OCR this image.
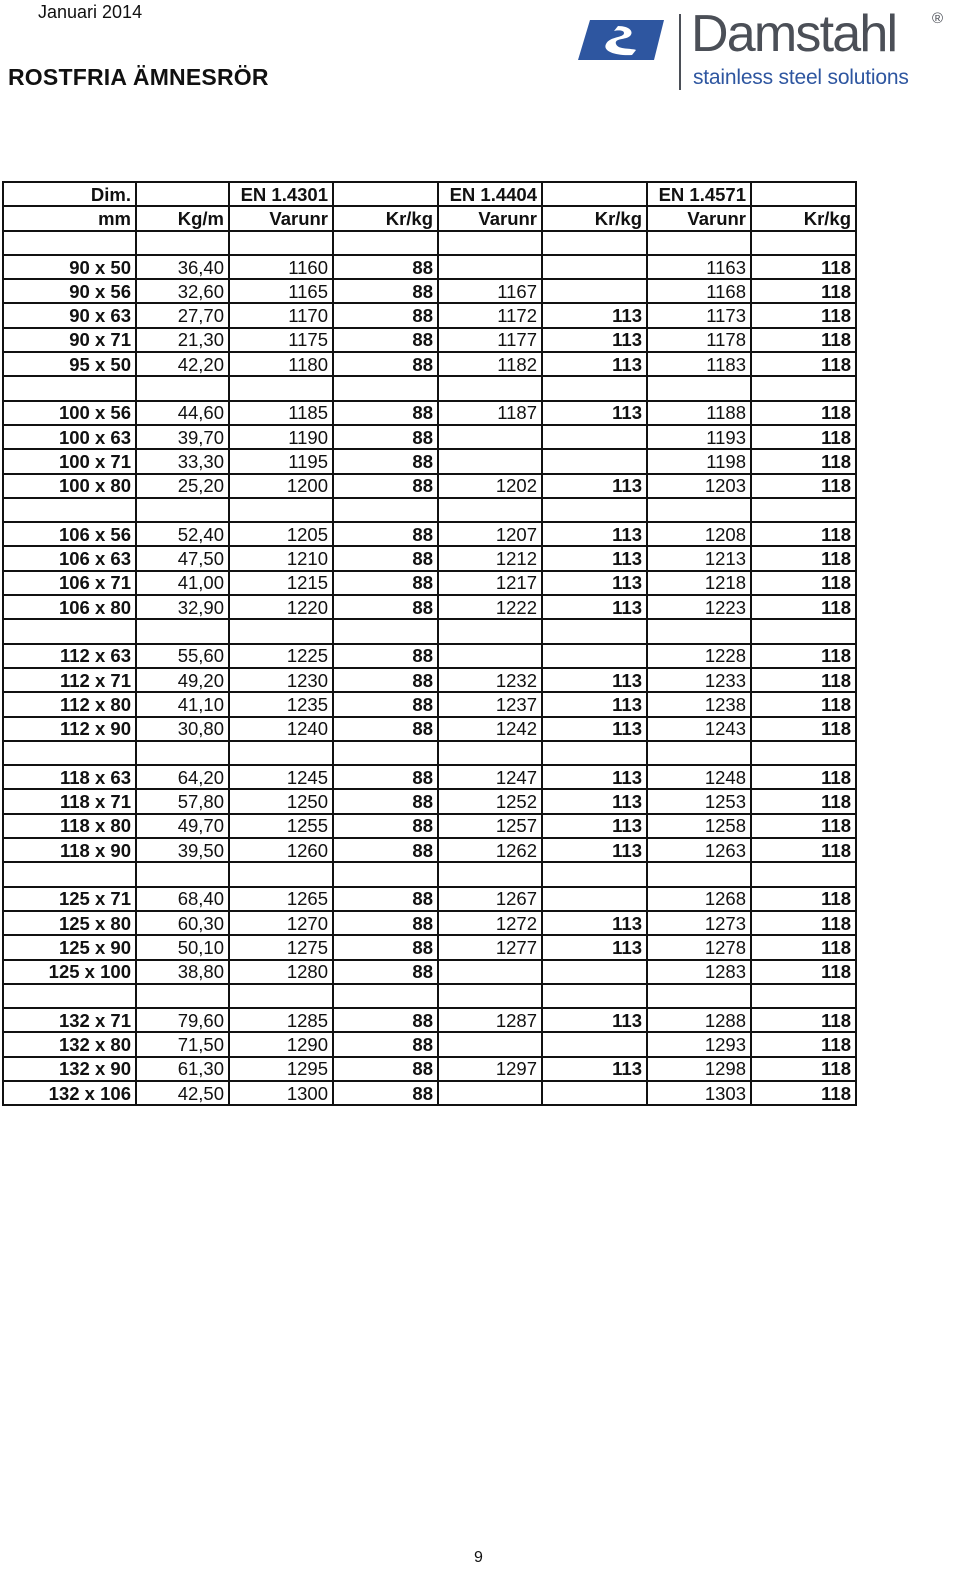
Januari 2014
ROSTFRIA ÄMNESRÖR
Damstahl ®
stainless steel solutions
Dim.		EN 1.4301		EN 1.4404		EN 1.4571	
mm	Kg/m	Varunr	Kr/kg	Varunr	Kr/kg	Varunr	Kr/kg

90 x 50	36,40	1160	88			1163	118
90 x 56	32,60	1165	88	1167		1168	118
90 x 63	27,70	1170	88	1172	113	1173	118
90 x 71	21,30	1175	88	1177	113	1178	118
95 x 50	42,20	1180	88	1182	113	1183	118

100 x 56	44,60	1185	88	1187	113	1188	118
100 x 63	39,70	1190	88			1193	118
100 x 71	33,30	1195	88			1198	118
100 x 80	25,20	1200	88	1202	113	1203	118

106 x 56	52,40	1205	88	1207	113	1208	118
106 x 63	47,50	1210	88	1212	113	1213	118
106 x 71	41,00	1215	88	1217	113	1218	118
106 x 80	32,90	1220	88	1222	113	1223	118

112 x 63	55,60	1225	88			1228	118
112 x 71	49,20	1230	88	1232	113	1233	118
112 x 80	41,10	1235	88	1237	113	1238	118
112 x 90	30,80	1240	88	1242	113	1243	118

118 x 63	64,20	1245	88	1247	113	1248	118
118 x 71	57,80	1250	88	1252	113	1253	118
118 x 80	49,70	1255	88	1257	113	1258	118
118 x 90	39,50	1260	88	1262	113	1263	118

125 x 71	68,40	1265	88	1267		1268	118
125 x 80	60,30	1270	88	1272	113	1273	118
125 x 90	50,10	1275	88	1277	113	1278	118
125 x 100	38,80	1280	88			1283	118

132 x 71	79,60	1285	88	1287	113	1288	118
132 x 80	71,50	1290	88			1293	118
132 x 90	61,30	1295	88	1297	113	1298	118
132 x 106	42,50	1300	88			1303	118
9
